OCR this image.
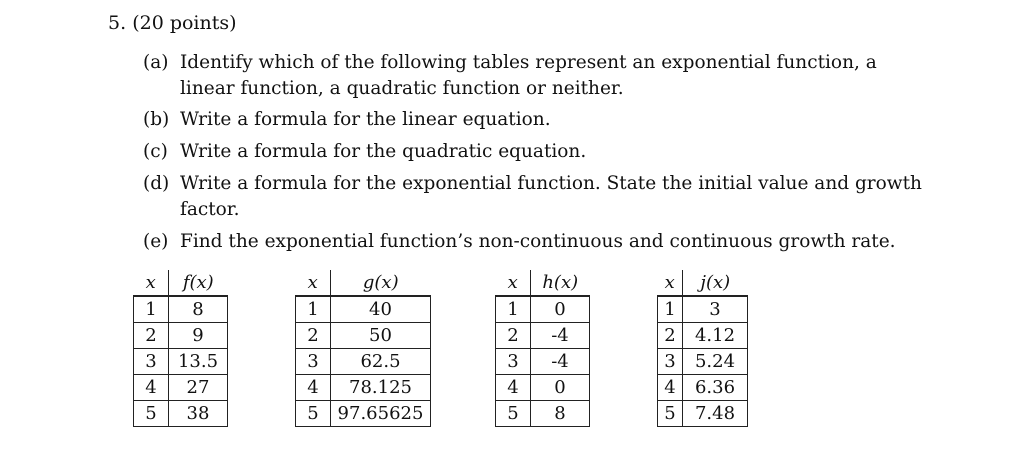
5. (20 points)
(a) Identify which of the following tables represent an exponential function, a linear function, a quadratic function or neither.
(b) Write a formula for the linear equation.
(c) Write a formula for the quadratic equation.
(d) Write a formula for the exponential function. State the initial value and growth factor.
(e) Find the exponential function’s non-continuous and continuous growth rate.
x	f(x)
1	8
2	9
3	13.5
4	27
5	38
x	g(x)
1	40
2	50
3	62.5
4	78.125
5	97.65625
x	h(x)
1	0
2	-4
3	-4
4	0
5	8
x	j(x)
1	3
2	4.12
3	5.24
4	6.36
5	7.48
